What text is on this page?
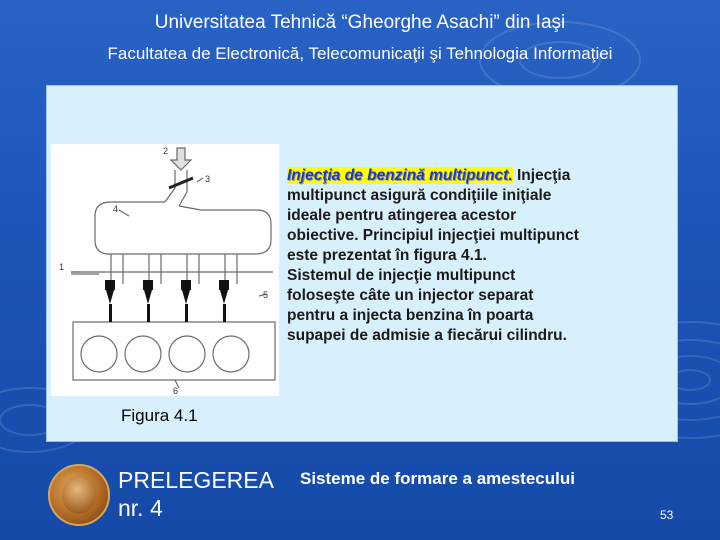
Universitatea Tehnică “Gheorghe Asachi” din Iaşi
Facultatea de Electronică, Telecomunicaţii şi Tehnologia Informaţiei
1
2
3
4
5
6
Figura 4.1

Injecţia de benzină multipunct. Injecţia

multipunct asigură condiţiile iniţiale

ideale pentru atingerea acestor

obiective. Principiul injecţiei multipunct

este prezentat în figura 4.1.

Sistemul de injecţie multipunct

foloseşte câte un injector separat

pentru a injecta benzina în poarta

supapei de admisie a fiecărui cilindru.

PRELEGEREA
nr. 4
Sisteme de formare a amestecului
53
